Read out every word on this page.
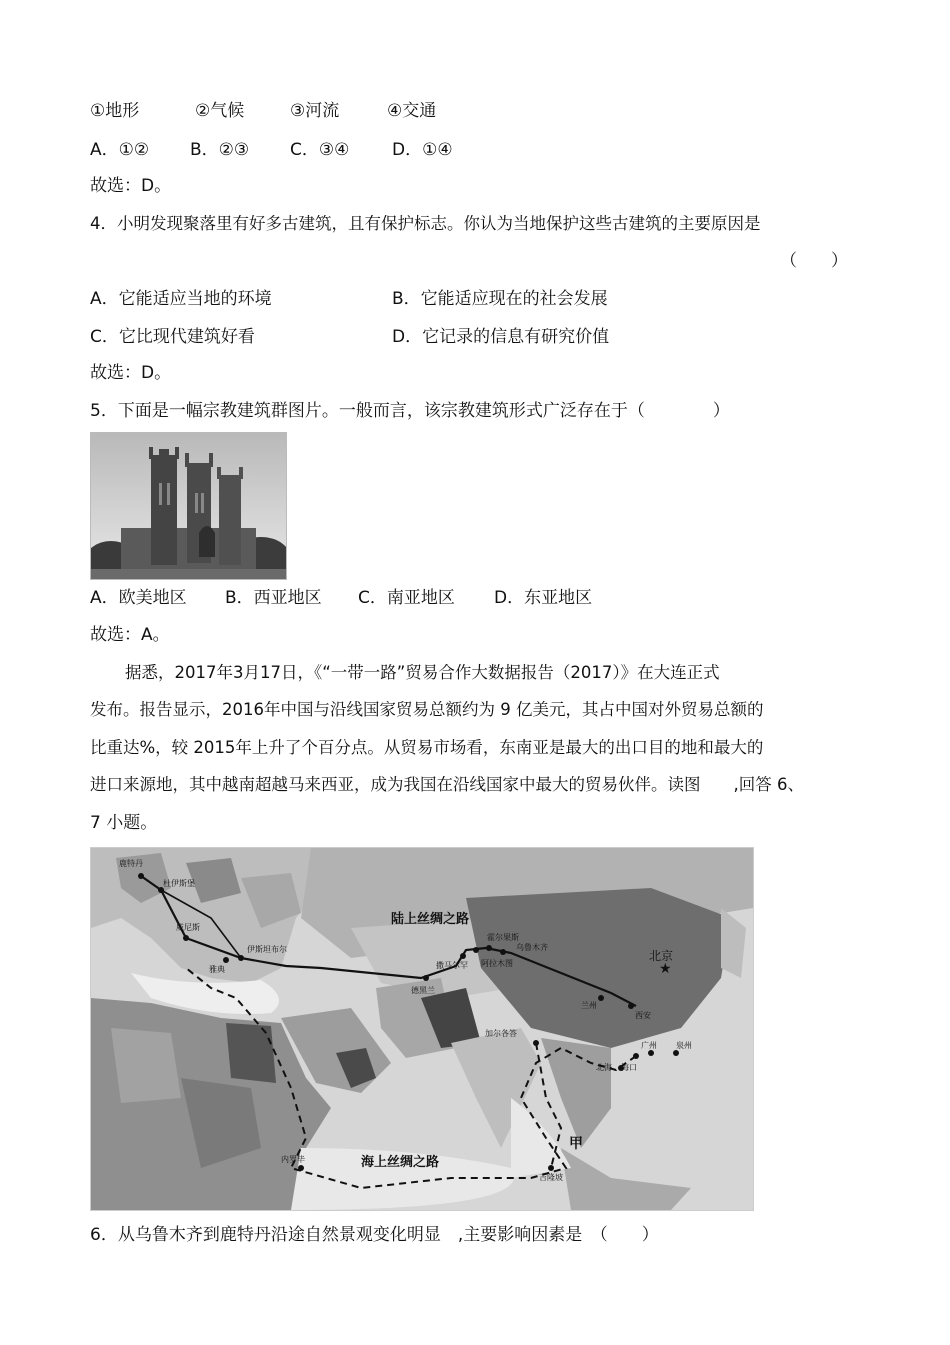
①地形	②气候	③河流	④交通
A．①② B．②③ C．③④	D．①④
故选：D。
4．小明发现聚落里有好多古建筑，且有保护标志。你认为当地保护这些古建筑的主要原因是
（　　）
A．它能适应当地的环境	B．它能适应现在的社会发展
C．它比现代建筑好看	D．它记录的信息有研究价值
故选：D。
5．下面是一幅宗教建筑群图片。一般而言，该宗教建筑形式广泛存在于（　　　　）
A．欧美地区 B．西亚地区 C．南亚地区 D．东亚地区
故选：A。
据悉，2017年3月17日，《“一带一路”贸易合作大数据报告（2017）》在大连正式
发布。报告显示，2016年中国与沿线国家贸易总额约为 9 亿美元，其占中国对外贸易总额的
比重达%，较 2015年上升了个百分点。从贸易市场看，东南亚是最大的出口目的地和最大的
进口来源地，其中越南超越马来西亚，成为我国在沿线国家中最大的贸易伙伴。读图　　,回答 6、
7 小题。
★
陆上丝绸之路
海上丝绸之路
鹿特丹
杜伊斯堡
威尼斯
雅典
伊斯坦布尔
德黑兰
撒马尔罕 阿拉木图
霍尔果斯
乌鲁木齐
兰州
西安
北京
加尔各答
北海 海口
广州 泉州
吉隆坡
内罗毕
甲
6．从乌鲁木齐到鹿特丹沿途自然景观变化明显　,主要影响因素是　（　　）
